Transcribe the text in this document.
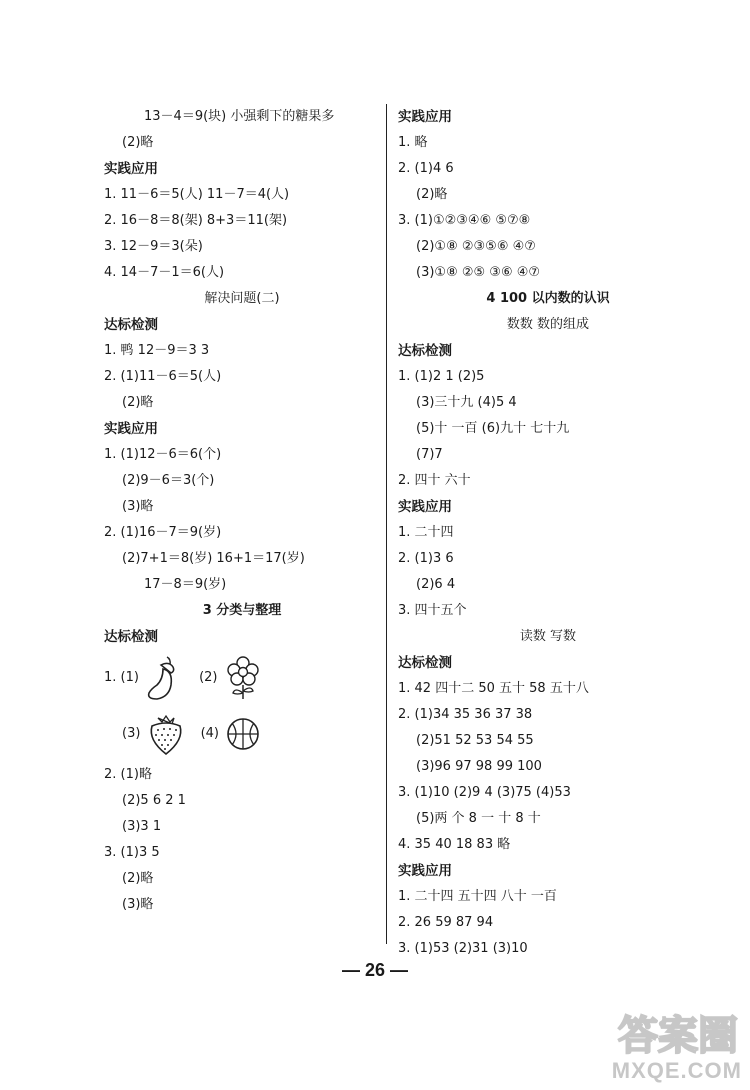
13－4＝9(块) 小强剩下的糖果多
(2)略
实践应用
1. 11－6＝5(人) 11－7＝4(人)
2. 16－8＝8(架) 8+3＝11(架)
3. 12－9＝3(朵)
4. 14－7－1＝6(人)
解决问题(二)
达标检测
1. 鸭 12－9＝3 3
2. (1)11－6＝5(人)
(2)略
实践应用
1. (1)12－6＝6(个)
(2)9－6＝3(个)
(3)略
2. (1)16－7＝9(岁)
(2)7+1＝8(岁) 16+1＝17(岁)
17－8＝9(岁)
3 分类与整理
达标检测
1. (1)
	(2)
(3)
	(4)
2. (1)略
(2)5 6 2 1
(3)3 1
3. (1)3 5
(2)略
(3)略
实践应用
1. 略
2. (1)4 6
(2)略
3. (1)①②③④⑥ ⑤⑦⑧
(2)①⑧ ②③⑤⑥ ④⑦
(3)①⑧ ②⑤ ③⑥ ④⑦
4 100 以内数的认识
数数 数的组成
达标检测
1. (1)2 1 (2)5
(3)三十九 (4)5 4
(5)十 一百 (6)九十 七十九
(7)7
2. 四十 六十
实践应用
1. 二十四
2. (1)3 6
(2)6 4
3. 四十五个
读数 写数
达标检测
1. 42 四十二 50 五十 58 五十八
2. (1)34 35 36 37 38
(2)51 52 53 54 55
(3)96 97 98 99 100
3. (1)10 (2)9 4 (3)75 (4)53
(5)两 个 8 一 十 8 十
4. 35 40 18 83 略
实践应用
1. 二十四 五十四 八十 一百
2. 26 59 87 94
3. (1)53 (2)31 (3)10
— 26 —
答案圈
MXQE.COM
